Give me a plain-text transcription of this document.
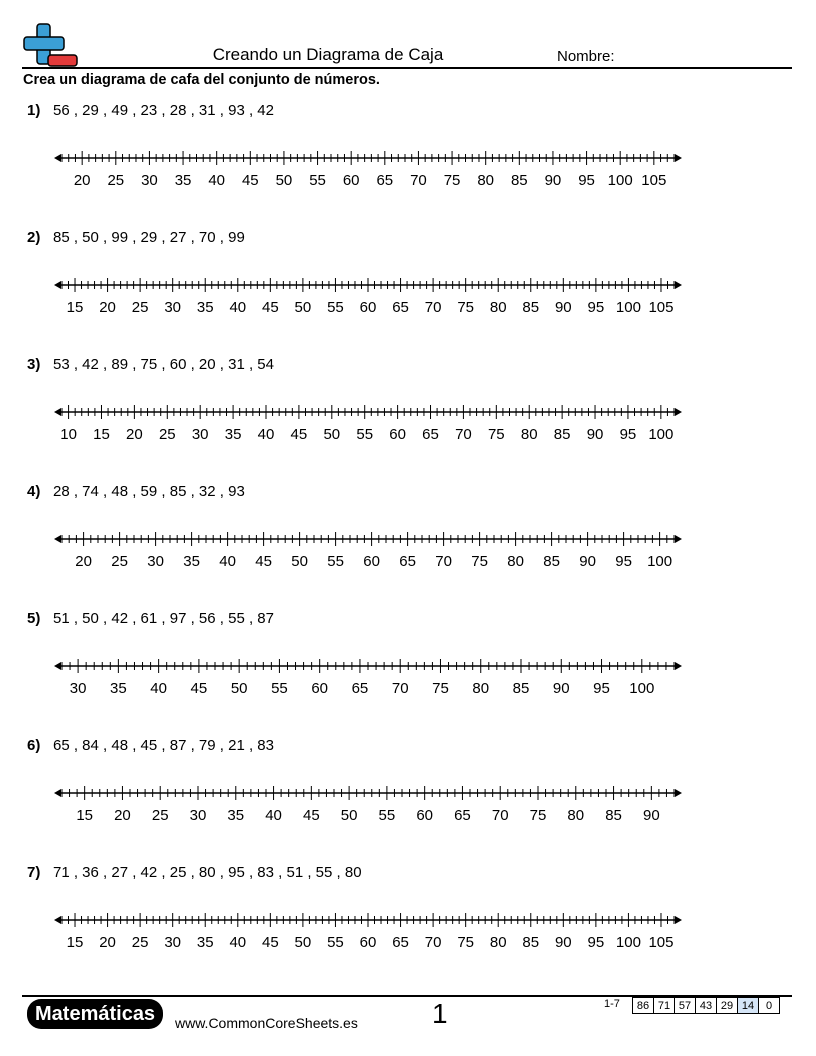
Creando un Diagrama de Caja	Nombre:
Crea un diagrama de cafa del conjunto de números.
1) 56 , 29 , 49 , 23 , 28 , 31 , 93 , 42
20 25 30 35 40 45 50 55 60 65 70 75 80 85 90 95 100 105
2) 85 , 50 , 99 , 29 , 27 , 70 , 99
15 20 25 30 35 40 45 50 55 60 65 70 75 80 85 90 95 100 105
3) 53 , 42 , 89 , 75 , 60 , 20 , 31 , 54
10 15 20 25 30 35 40 45 50 55 60 65 70 75 80 85 90 95 100
4) 28 , 74 , 48 , 59 , 85 , 32 , 93
20 25 30 35 40 45 50 55 60 65 70 75 80 85 90 95 100
5) 51 , 50 , 42 , 61 , 97 , 56 , 55 , 87
30 35 40 45 50 55 60 65 70 75 80 85 90 95 100
6) 65 , 84 , 48 , 45 , 87 , 79 , 21 , 83
15 20 25 30 35 40 45 50 55 60 65 70 75 80 85 90
7) 71 , 36 , 27 , 42 , 25 , 80 , 95 , 83 , 51 , 55 , 80
15 20 25 30 35 40 45 50 55 60 65 70 75 80 85 90 95 100 105
Matemáticas	www.CommonCoreSheets.es	1	1-7 86	71	57	43	29	14	0
